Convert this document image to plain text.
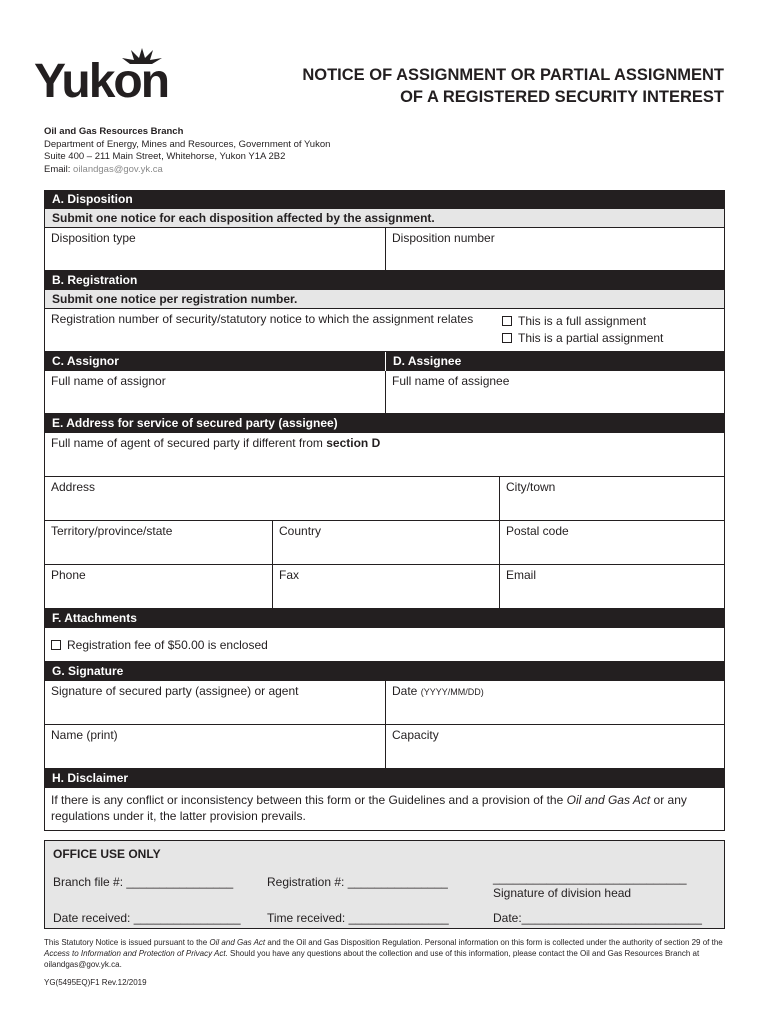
Yukon	NOTICE OF ASSIGNMENT OR PARTIAL ASSIGNMENT
OF A REGISTERED SECURITY INTEREST
Oil and Gas Resources Branch
Department of Energy, Mines and Resources, Government of Yukon
Suite 400 – 211 Main Street, Whitehorse, Yukon Y1A 2B2
Email: oilandgas@gov.yk.ca
A. Disposition
Submit one notice for each disposition affected by the assignment.
Disposition type	Disposition number
B. Registration
Submit one notice per registration number.
Registration number of security/statutory notice to which the assignment relates	This is a full assignment
This is a partial assignment
C. Assignor	D. Assignee
Full name of assignor	Full name of assignee
E. Address for service of secured party (assignee)
Full name of agent of secured party if different from section D
Address	City/town
Territory/province/state	Country	Postal code
Phone	Fax	Email
F. Attachments
Registration fee of $50.00 is enclosed
G. Signature
Signature of secured party (assignee) or agent	Date (YYYY/MM/DD)
Name (print)	Capacity
H. Disclaimer
If there is any conflict or inconsistency between this form or the Guidelines and a provision of the Oil and Gas Act or any regulations under it, the latter provision prevails.
OFFICE USE ONLY
Branch file #: ________________	Registration #: _______________	_____________________________
Signature of division head
Date received: ________________ Time received: _______________	Date:___________________________
This Statutory Notice is issued pursuant to the Oil and Gas Act and the Oil and Gas Disposition Regulation. Personal information on this form is collected under the authority of section 29 of the Access to Information and Protection of Privacy Act. Should you have any questions about the collection and use of this information, please contact the Oil and Gas Resources Branch at oilandgas@gov.yk.ca.
YG(5495EQ)F1 Rev.12/2019
